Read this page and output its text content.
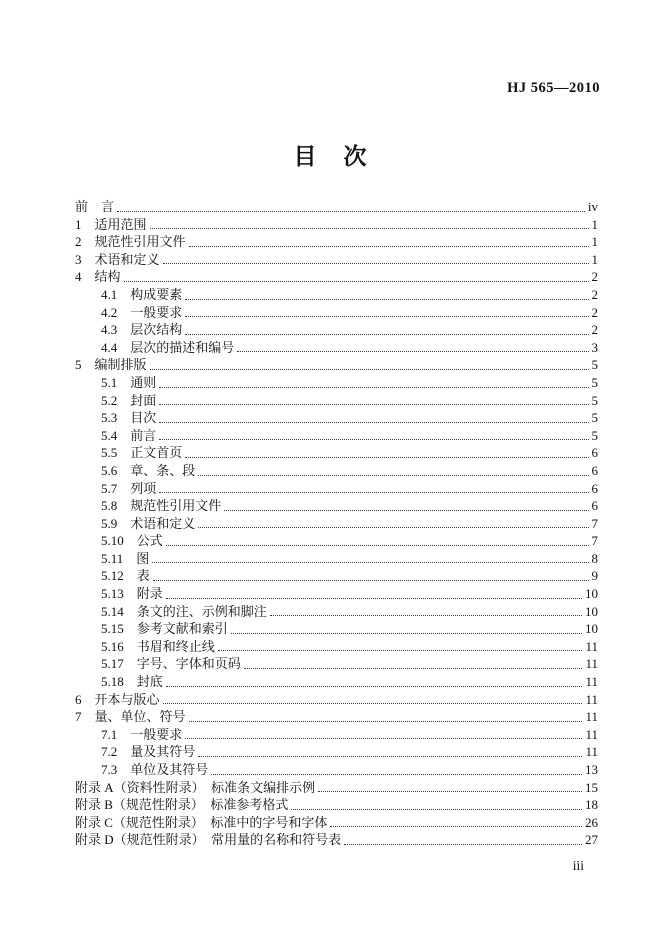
HJ 565—2010
目　次
前　言	iv
1　适用范围	1
2　规范性引用文件	1
3　术语和定义	1
4　结构	2
4.1　构成要素	2
4.2　一般要求	2
4.3　层次结构	2
4.4　层次的描述和编号	3
5　编制排版	5
5.1　通则	5
5.2　封面	5
5.3　目次	5
5.4　前言	5
5.5　正文首页	6
5.6　章、条、段	6
5.7　列项	6
5.8　规范性引用文件	6
5.9　术语和定义	7
5.10　公式	7
5.11　图	8
5.12　表	9
5.13　附录	10
5.14　条文的注、示例和脚注	10
5.15　参考文献和索引	10
5.16　书眉和终止线	11
5.17　字号、字体和页码	11
5.18　封底	11
6　开本与版心	11
7　量、单位、符号	11
7.1　一般要求	11
7.2　量及其符号	11
7.3　单位及其符号	13
附录 A（资料性附录）　标准条文编排示例	15
附录 B（规范性附录）　标准参考格式	18
附录 C（规范性附录）　标准中的字号和字体	26
附录 D（规范性附录）　常用量的名称和符号表	27
iii
